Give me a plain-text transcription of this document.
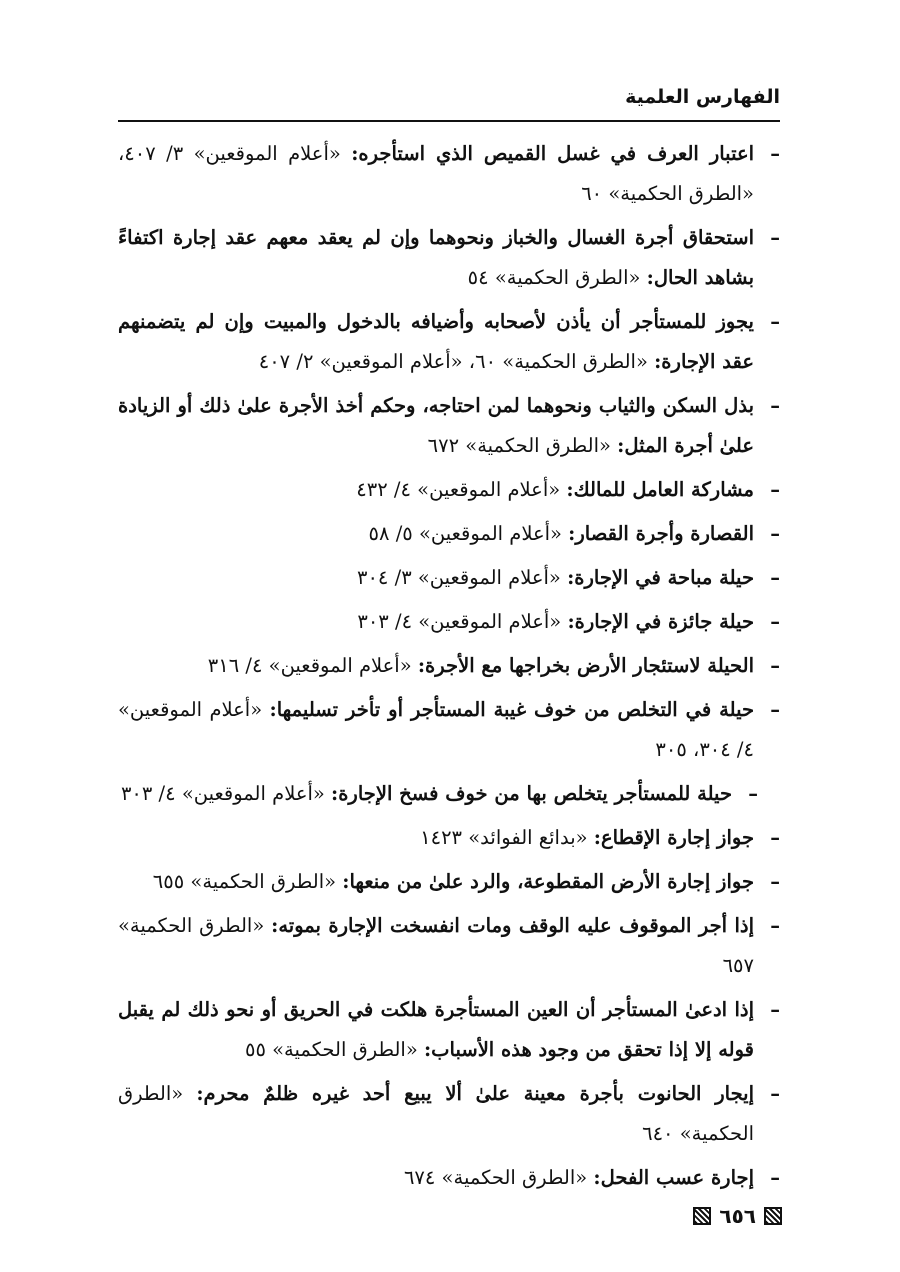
الفهارس العلمية
–
اعتبار العرف في غسل القميص الذي استأجره: «أعلام الموقعين» ٣/ ٤٠٧، «الطرق الحكمية» ٦٠
–
استحقاق أجرة الغسال والخباز ونحوهما وإن لم يعقد معهم عقد إجارة اكتفاءً بشاهد الحال: «الطرق الحكمية» ٥٤
–
يجوز للمستأجر أن يأذن لأصحابه وأضيافه بالدخول والمبيت وإن لم يتضمنهم عقد الإجارة: «الطرق الحكمية» ٦٠، «أعلام الموقعين» ٢/ ٤٠٧
–
بذل السكن والثياب ونحوهما لمن احتاجه، وحكم أخذ الأجرة علىٰ ذلك أو الزيادة علىٰ أجرة المثل: «الطرق الحكمية» ٦٧٢
–
مشاركة العامل للمالك: «أعلام الموقعين» ٤/ ٤٣٢
–
القصارة وأجرة القصار: «أعلام الموقعين» ٥/ ٥٨
–
حيلة مباحة في الإجارة: «أعلام الموقعين» ٣/ ٣٠٤
–
حيلة جائزة في الإجارة: «أعلام الموقعين» ٤/ ٣٠٣
–
الحيلة لاستئجار الأرض بخراجها مع الأجرة: «أعلام الموقعين» ٤/ ٣١٦
–
حيلة في التخلص من خوف غيبة المستأجر أو تأخر تسليمها: «أعلام الموقعين» ٤/ ٣٠٤، ٣٠٥
–
حيلة للمستأجر يتخلص بها من خوف فسخ الإجارة: «أعلام الموقعين» ٤/ ٣٠٣
–
جواز إجارة الإقطاع: «بدائع الفوائد» ١٤٢٣
–
جواز إجارة الأرض المقطوعة، والرد علىٰ من منعها: «الطرق الحكمية» ٦٥٥
–
إذا أجر الموقوف عليه الوقف ومات انفسخت الإجارة بموته: «الطرق الحكمية» ٦٥٧
–
إذا ادعىٰ المستأجر أن العين المستأجرة هلكت في الحريق أو نحو ذلك لم يقبل قوله إلا إذا تحقق من وجود هذه الأسباب: «الطرق الحكمية» ٥٥
–
إيجار الحانوت بأجرة معينة علىٰ ألا يبيع أحد غيره ظلمٌ محرم: «الطرق الحكمية» ٦٤٠
–
إجارة عسب الفحل: «الطرق الحكمية» ٦٧٤
٦٥٦
